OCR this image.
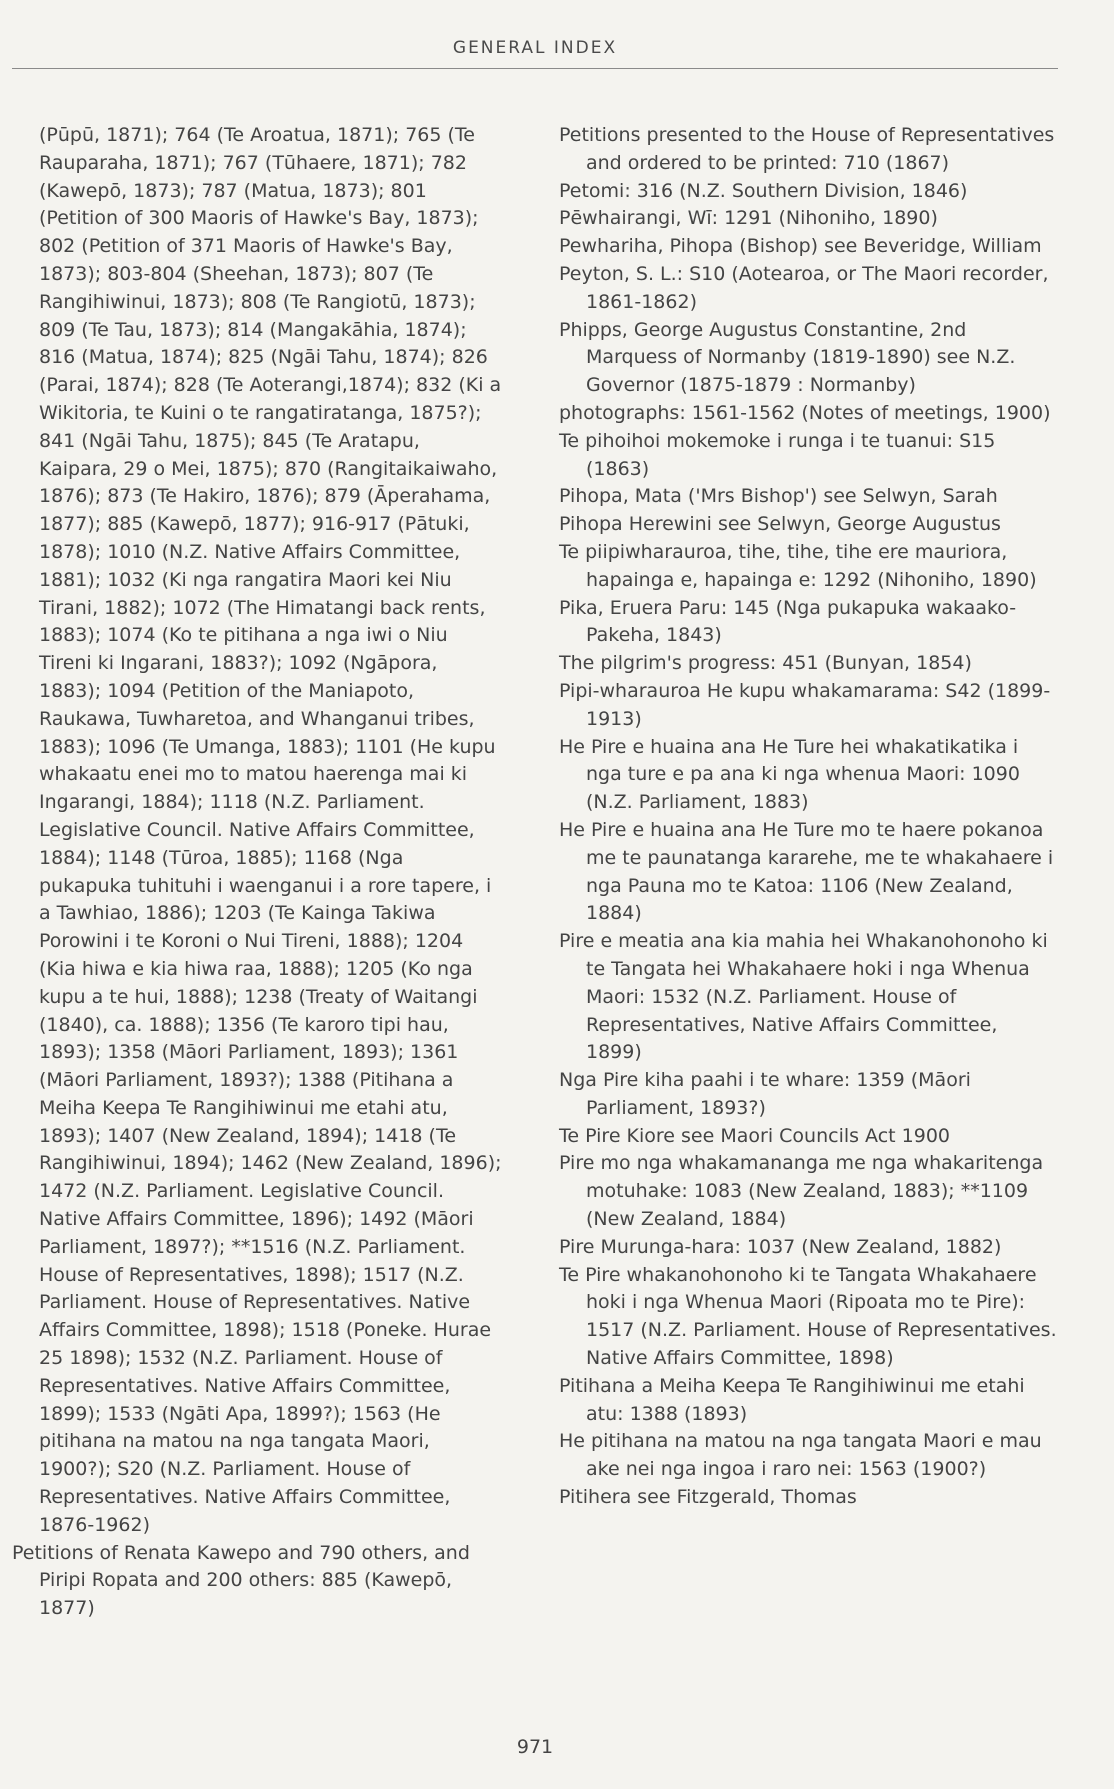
GENERAL INDEX

(Pūpū, 1871); 764 (Te Aroatua, 1871); 765 (Te Rauparaha, 1871); 767 (Tūhaere, 1871); 782 (Kawepō, 1873); 787 (Matua, 1873); 801 (Petition of 300 Maoris of Hawke's Bay, 1873); 802 (Petition of 371 Maoris of Hawke's Bay, 1873); 803-804 (Sheehan, 1873); 807 (Te Rangihiwinui, 1873); 808 (Te Rangiotū, 1873); 809 (Te Tau, 1873); 814 (Mangakāhia, 1874); 816 (Matua, 1874); 825 (Ngāi Tahu, 1874); 826 (Parai, 1874); 828 (Te Aoterangi,1874); 832 (Ki a Wikitoria, te Kuini o te rangatiratanga, 1875?); 841 (Ngāi Tahu, 1875); 845 (Te Aratapu, Kaipara, 29 o Mei, 1875); 870 (Rangitaikaiwaho, 1876); 873 (Te Hakiro, 1876); 879 (Āperahama, 1877); 885 (Kawepō, 1877); 916-917 (Pātuki, 1878); 1010 (N.Z. Native Affairs Committee, 1881); 1032 (Ki nga rangatira Maori kei Niu Tirani, 1882); 1072 (The Himatangi back rents, 1883); 1074 (Ko te pitihana a nga iwi o Niu Tireni ki Ingarani, 1883?); 1092 (Ngāpora, 1883); 1094 (Petition of the Maniapoto, Raukawa, Tuwharetoa, and Whanganui tribes, 1883); 1096 (Te Umanga, 1883); 1101 (He kupu whakaatu enei mo to matou haerenga mai ki Ingarangi, 1884); 1118 (N.Z. Parliament. Legislative Council. Native Affairs Committee, 1884); 1148 (Tūroa, 1885); 1168 (Nga pukapuka tuhituhi i waenganui i a rore tapere, i a Tawhiao, 1886); 1203 (Te Kainga Takiwa Porowini i te Koroni o Nui Tireni, 1888); 1204 (Kia hiwa e kia hiwa raa, 1888); 1205 (Ko nga kupu a te hui, 1888); 1238 (Treaty of Waitangi (1840), ca. 1888); 1356 (Te karoro tipi hau, 1893); 1358 (Māori Parliament, 1893); 1361 (Māori Parliament, 1893?); 1388 (Pitihana a Meiha Keepa Te Rangihiwinui me etahi atu, 1893); 1407 (New Zealand, 1894); 1418 (Te Rangihiwinui, 1894); 1462 (New Zealand, 1896); 1472 (N.Z. Parliament. Legislative Council. Native Affairs Committee, 1896); 1492 (Māori Parliament, 1897?); **1516 (N.Z. Parliament. House of Representatives, 1898); 1517 (N.Z. Parliament. House of Representatives. Native Affairs Committee, 1898); 1518 (Poneke. Hurae 25 1898); 1532 (N.Z. Parliament. House of Representatives. Native Affairs Committee, 1899); 1533 (Ngāti Apa, 1899?); 1563 (He pitihana na matou na nga tangata Maori, 1900?); S20 (N.Z. Parliament. House of Representatives. Native Affairs Committee, 1876-1962)

Petitions of Renata Kawepo and 790 others, and Piripi Ropata and 200 others: 885 (Kawepō, 1877)

Petitions presented to the House of Representatives and ordered to be printed: 710 (1867)

Petomi: 316 (N.Z. Southern Division, 1846)

Pēwhairangi, Wī: 1291 (Nihoniho, 1890)

Pewhariha, Pihopa (Bishop) see Beveridge, William

Peyton, S. L.: S10 (Aotearoa, or The Maori recorder, 1861-1862)

Phipps, George Augustus Constantine, 2nd Marquess of Normanby (1819-1890) see N.Z. Governor (1875-1879 : Normanby)

photographs: 1561-1562 (Notes of meetings, 1900)

Te pihoihoi mokemoke i runga i te tuanui: S15 (1863)

Pihopa, Mata ('Mrs Bishop') see Selwyn, Sarah

Pihopa Herewini see Selwyn, George Augustus

Te piipiwharauroa, tihe, tihe, tihe ere mauriora, hapainga e, hapainga e: 1292 (Nihoniho, 1890)

Pika, Eruera Paru: 145 (Nga pukapuka wakaako-Pakeha, 1843)

The pilgrim's progress: 451 (Bunyan, 1854)

Pipi-wharauroa He kupu whakamarama: S42 (1899-1913)

He Pire e huaina ana He Ture hei whakatikatika i nga ture e pa ana ki nga whenua Maori: 1090 (N.Z. Parliament, 1883)

He Pire e huaina ana He Ture mo te haere pokanoa me te paunatanga kararehe, me te whakahaere i nga Pauna mo te Katoa: 1106 (New Zealand, 1884)

Pire e meatia ana kia mahia hei Whakanohonoho ki te Tangata hei Whakahaere hoki i nga Whenua Maori: 1532 (N.Z. Parliament. House of Representatives, Native Affairs Committee, 1899)

Nga Pire kiha paahi i te whare: 1359 (Māori Parliament, 1893?)

Te Pire Kiore see Maori Councils Act 1900

Pire mo nga whakamananga me nga whakaritenga motuhake: 1083 (New Zealand, 1883); **1109 (New Zealand, 1884)

Pire Murunga-hara: 1037 (New Zealand, 1882)

Te Pire whakanohonoho ki te Tangata Whakahaere hoki i nga Whenua Maori (Ripoata mo te Pire): 1517 (N.Z. Parliament. House of Representatives. Native Affairs Committee, 1898)

Pitihana a Meiha Keepa Te Rangihiwinui me etahi atu: 1388 (1893)

He pitihana na matou na nga tangata Maori e mau ake nei nga ingoa i raro nei: 1563 (1900?)

Pitihera see Fitzgerald, Thomas

971
